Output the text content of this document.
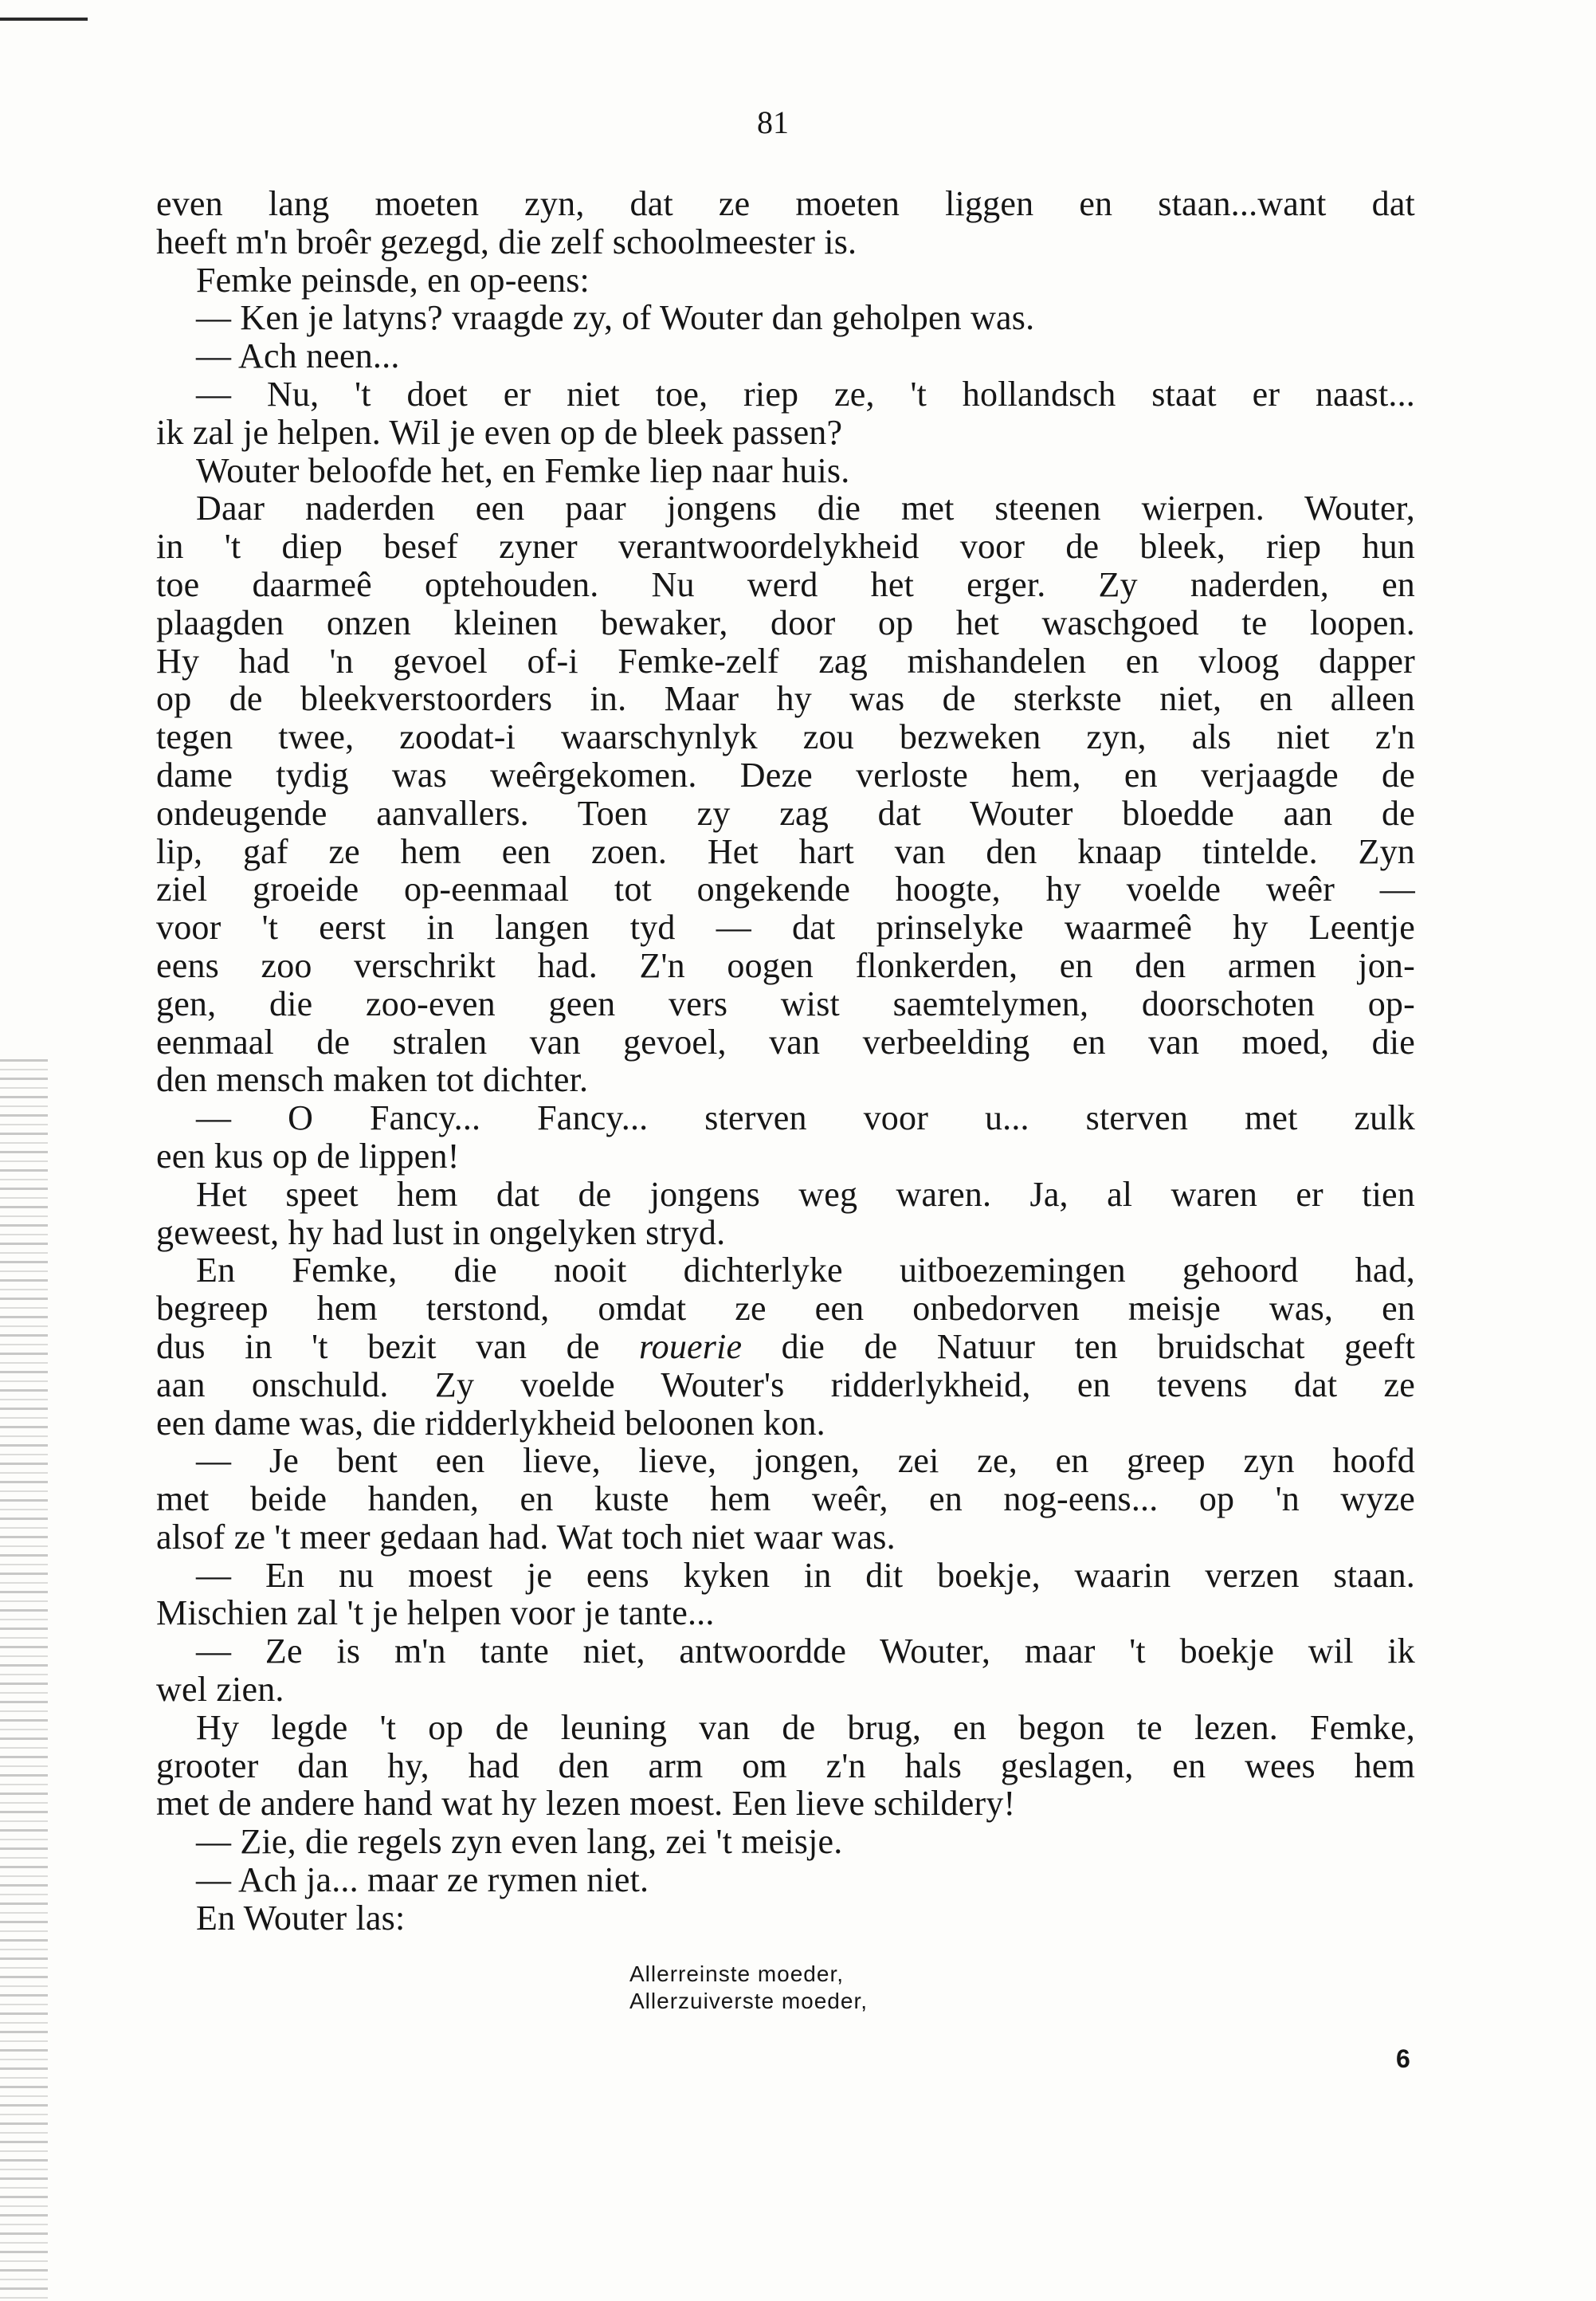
81
even lang moeten zyn, dat ze moeten liggen en staan...want dat
heeft m'n broêr gezegd, die zelf schoolmeester is.
Femke peinsde, en op-eens:
— Ken je latyns? vraagde zy, of Wouter dan geholpen was.
— Ach neen...
— Nu, 't doet er niet toe, riep ze, 't hollandsch staat er naast...
ik zal je helpen. Wil je even op de bleek passen?
Wouter beloofde het, en Femke liep naar huis.
Daar naderden een paar jongens die met steenen wierpen. Wouter,
in 't diep besef zyner verantwoordelykheid voor de bleek, riep hun
toe daarmeê optehouden. Nu werd het erger. Zy naderden, en
plaagden onzen kleinen bewaker, door op het waschgoed te loopen.
Hy had 'n gevoel of-i Femke-zelf zag mishandelen en vloog dapper
op de bleekverstoorders in. Maar hy was de sterkste niet, en alleen
tegen twee, zoodat-i waarschynlyk zou bezweken zyn, als niet z'n
dame tydig was weêrgekomen. Deze verloste hem, en verjaagde de
ondeugende aanvallers. Toen zy zag dat Wouter bloedde aan de
lip, gaf ze hem een zoen. Het hart van den knaap tintelde. Zyn
ziel groeide op-eenmaal tot ongekende hoogte, hy voelde weêr —
voor 't eerst in langen tyd — dat prinselyke waarmeê hy Leentje
eens zoo verschrikt had. Z'n oogen flonkerden, en den armen jon-
gen, die zoo-even geen vers wist saemtelymen, doorschoten op-
eenmaal de stralen van gevoel, van verbeelding en van moed, die
den mensch maken tot dichter.
— O Fancy... Fancy... sterven voor u... sterven met zulk
een kus op de lippen!
Het speet hem dat de jongens weg waren. Ja, al waren er tien
geweest, hy had lust in ongelyken stryd.
En Femke, die nooit dichterlyke uitboezemingen gehoord had,
begreep hem terstond, omdat ze een onbedorven meisje was, en
dus in 't bezit van de rouerie die de Natuur ten bruidschat geeft
aan onschuld. Zy voelde Wouter's ridderlykheid, en tevens dat ze
een dame was, die ridderlykheid beloonen kon.
— Je bent een lieve, lieve, jongen, zei ze, en greep zyn hoofd
met beide handen, en kuste hem weêr, en nog-eens... op 'n wyze
alsof ze 't meer gedaan had. Wat toch niet waar was.
— En nu moest je eens kyken in dit boekje, waarin verzen staan.
Mischien zal 't je helpen voor je tante...
— Ze is m'n tante niet, antwoordde Wouter, maar 't boekje wil ik
wel zien.
Hy legde 't op de leuning van de brug, en begon te lezen. Femke,
grooter dan hy, had den arm om z'n hals geslagen, en wees hem
met de andere hand wat hy lezen moest. Een lieve schildery!
— Zie, die regels zyn even lang, zei 't meisje.
— Ach ja... maar ze rymen niet.
En Wouter las:
Allerreinste moeder,
Allerzuiverste moeder,
6
